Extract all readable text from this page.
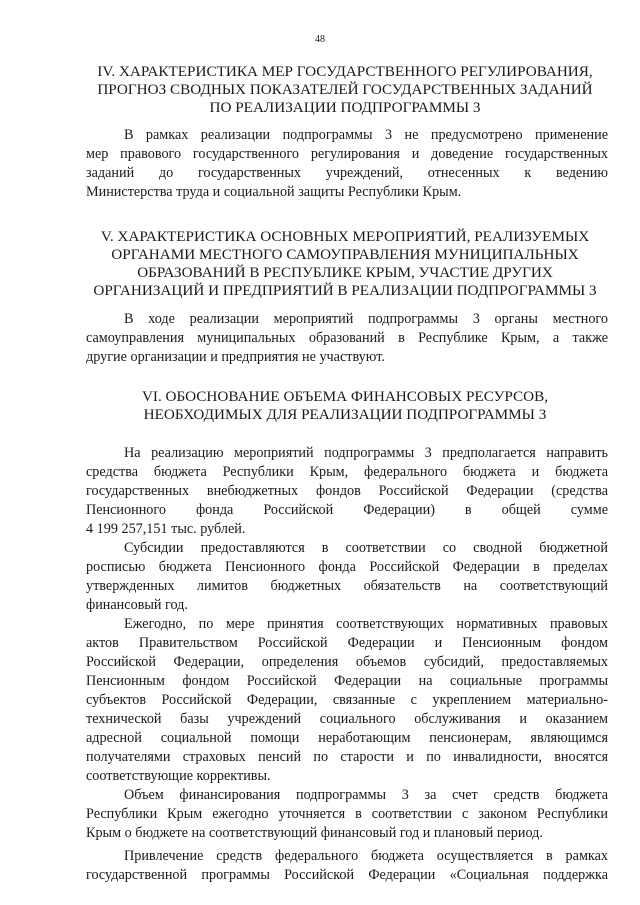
48
IV. ХАРАКТЕРИСТИКА МЕР ГОСУДАРСТВЕННОГО РЕГУЛИРОВАНИЯ,
ПРОГНОЗ СВОДНЫХ ПОКАЗАТЕЛЕЙ ГОСУДАРСТВЕННЫХ ЗАДАНИЙ
ПО РЕАЛИЗАЦИИ ПОДПРОГРАММЫ 3
В рамках реализации подпрограммы 3 не предусмотрено применение
мер правового государственного регулирования и доведение государственных
заданий до государственных учреждений, отнесенных к ведению
Министерства труда и социальной защиты Республики Крым.
V. ХАРАКТЕРИСТИКА ОСНОВНЫХ МЕРОПРИЯТИЙ, РЕАЛИЗУЕМЫХ
ОРГАНАМИ МЕСТНОГО САМОУПРАВЛЕНИЯ МУНИЦИПАЛЬНЫХ
ОБРАЗОВАНИЙ В РЕСПУБЛИКЕ КРЫМ, УЧАСТИЕ ДРУГИХ
ОРГАНИЗАЦИЙ И ПРЕДПРИЯТИЙ В РЕАЛИЗАЦИИ ПОДПРОГРАММЫ 3
В ходе реализации мероприятий подпрограммы 3 органы местного
самоуправления муниципальных образований в Республике Крым, а также
другие организации и предприятия не участвуют.
VI. ОБОСНОВАНИЕ ОБЪЕМА ФИНАНСОВЫХ РЕСУРСОВ,
НЕОБХОДИМЫХ ДЛЯ РЕАЛИЗАЦИИ ПОДПРОГРАММЫ 3
На реализацию мероприятий подпрограммы 3 предполагается направить
средства бюджета Республики Крым, федерального бюджета и бюджета
государственных внебюджетных фондов Российской Федерации (средства
Пенсионного фонда Российской Федерации) в общей сумме
4 199 257,151 тыс. рублей.
Субсидии предоставляются в соответствии со сводной бюджетной
росписью бюджета Пенсионного фонда Российской Федерации в пределах
утвержденных лимитов бюджетных обязательств на соответствующий
финансовый год.
Ежегодно, по мере принятия соответствующих нормативных правовых
актов Правительством Российской Федерации и Пенсионным фондом
Российской Федерации, определения объемов субсидий, предоставляемых
Пенсионным фондом Российской Федерации на социальные программы
субъектов Российской Федерации, связанные с укреплением материально-
технической базы учреждений социального обслуживания и оказанием
адресной социальной помощи неработающим пенсионерам, являющимся
получателями страховых пенсий по старости и по инвалидности, вносятся
соответствующие коррективы.
Объем финансирования подпрограммы 3 за счет средств бюджета
Республики Крым ежегодно уточняется в соответствии с законом Республики
Крым о бюджете на соответствующий финансовый год и плановый период.
Привлечение средств федерального бюджета осуществляется в рамках
государственной программы Российской Федерации «Социальная поддержка
